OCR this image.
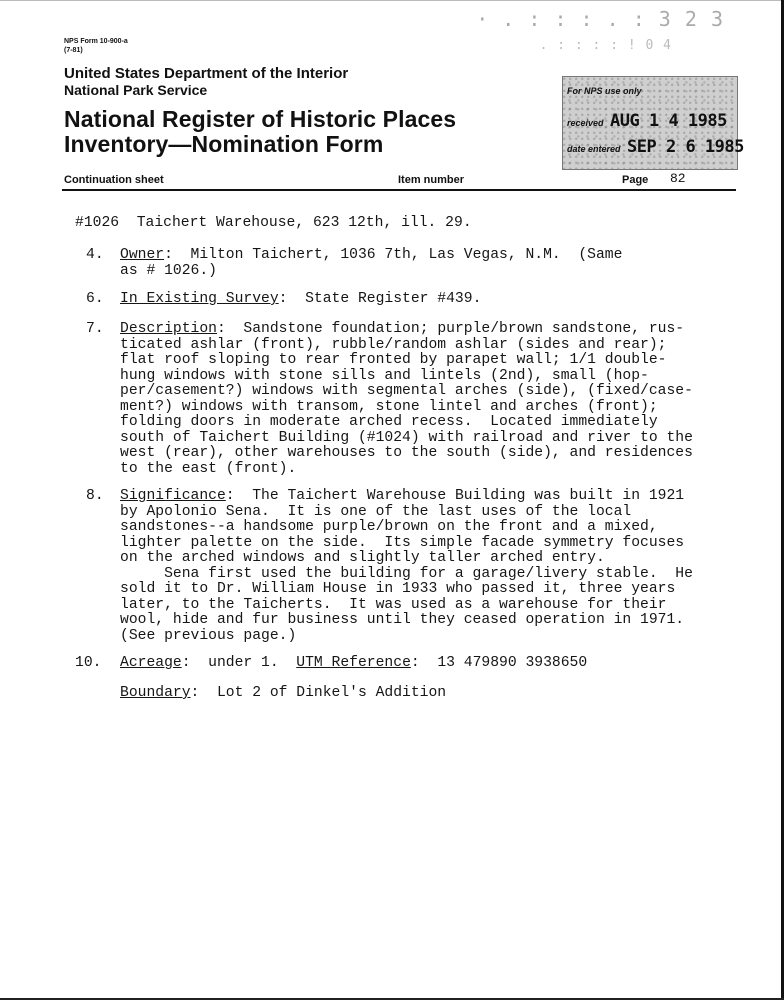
· . : : : . : 3 2 3
. : : : : ! 0 4
NPS Form 10-900-a
(7-81)
United States Department of the Interior
National Park Service
National Register of Historic Places
Inventory—Nomination Form
For NPS use only
received AUG 1 4 1985
date entered SEP 2 6 1985
Continuation sheet	Item number	Page 82
#1026  Taichert Warehouse, 623 12th, ill. 29.
4. Owner:  Milton Taichert, 1036 7th, Las Vegas, N.M.  (Same
as # 1026.)
6. In Existing Survey:  State Register #439.
7. Description:  Sandstone foundation; purple/brown sandstone, rus-
ticated ashlar (front), rubble/random ashlar (sides and rear);
flat roof sloping to rear fronted by parapet wall; 1/1 double-
hung windows with stone sills and lintels (2nd), small (hop-
per/casement?) windows with segmental arches (side), (fixed/case-
ment?) windows with transom, stone lintel and arches (front);
folding doors in moderate arched recess.  Located immediately
south of Taichert Building (#1024) with railroad and river to the
west (rear), other warehouses to the south (side), and residences
to the east (front).
8. Significance:  The Taichert Warehouse Building was built in 1921
by Apolonio Sena.  It is one of the last uses of the local
sandstones--a handsome purple/brown on the front and a mixed,
lighter palette on the side.  Its simple facade symmetry focuses
on the arched windows and slightly taller arched entry.
Sena first used the building for a garage/livery stable.  He
sold it to Dr. William House in 1933 who passed it, three years
later, to the Taicherts.  It was used as a warehouse for their
wool, hide and fur business until they ceased operation in 1971.
(See previous page.)
10. Acreage:  under 1.  UTM Reference:  13 479890 3938650
Boundary:  Lot 2 of Dinkel's Addition
